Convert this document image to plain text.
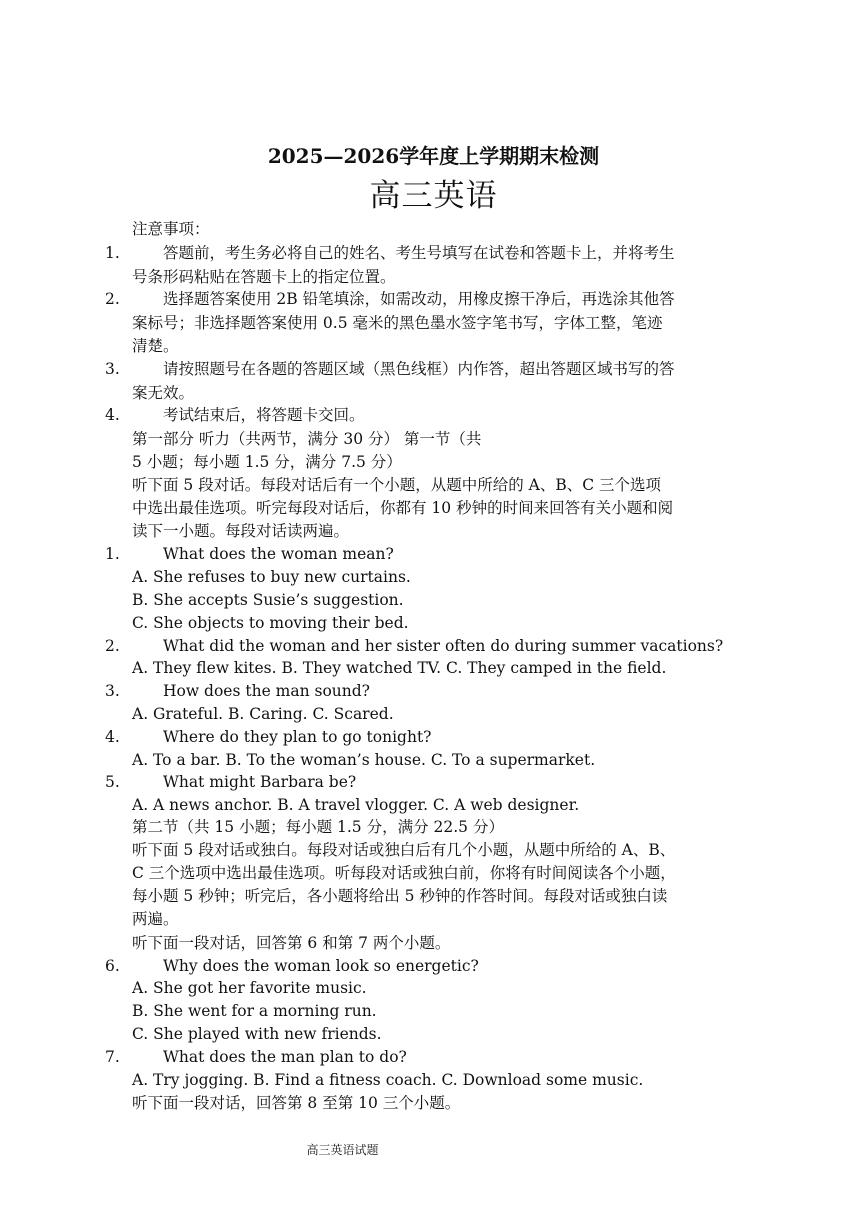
2025—2026学年度上学期期末检测
高三英语
注意事项：
1.	答题前，考生务必将自己的姓名、考生号填写在试卷和答题卡上，并将考生
号条形码粘贴在答题卡上的指定位置。
2.	选择题答案使用 2B 铅笔填涂，如需改动，用橡皮擦干净后，再选涂其他答
案标号；非选择题答案使用 0.5 毫米的黑色墨水签字笔书写，字体工整，笔迹
清楚。
3.	请按照题号在各题的答题区域（黑色线框）内作答，超出答题区域书写的答
案无效。
4.	考试结束后，将答题卡交回。
第一部分 听力（共两节，满分 30 分） 第一节（共
5 小题；每小题 1.5 分，满分 7.5 分）
听下面 5 段对话。每段对话后有一个小题，从题中所给的 A、B、C 三个选项
中选出最佳选项。听完每段对话后，你都有 10 秒钟的时间来回答有关小题和阅
读下一小题。每段对话读两遍。
1.	What does the woman mean?
A. She refuses to buy new curtains.
B. She accepts Susie’s suggestion.
C. She objects to moving their bed.
2.	What did the woman and her sister often do during summer vacations?
A. They flew kites. B. They watched TV. C. They camped in the field.
3.	How does the man sound?
A. Grateful. B. Caring. C. Scared.
4.	Where do they plan to go tonight?
A. To a bar. B. To the woman’s house. C. To a supermarket.
5.	What might Barbara be?
A. A news anchor. B. A travel vlogger. C. A web designer.
第二节（共 15 小题；每小题 1.5 分，满分 22.5 分）
听下面 5 段对话或独白。每段对话或独白后有几个小题，从题中所给的 A、B、
C 三个选项中选出最佳选项。听每段对话或独白前，你将有时间阅读各个小题，
每小题 5 秒钟；听完后，各小题将给出 5 秒钟的作答时间。每段对话或独白读
两遍。
听下面一段对话，回答第 6 和第 7 两个小题。
6.	Why does the woman look so energetic?
A. She got her favorite music.
B. She went for a morning run.
C. She played with new friends.
7.	What does the man plan to do?
A. Try jogging. B. Find a fitness coach. C. Download some music.
听下面一段对话，回答第 8 至第 10 三个小题。
高三英语试题
